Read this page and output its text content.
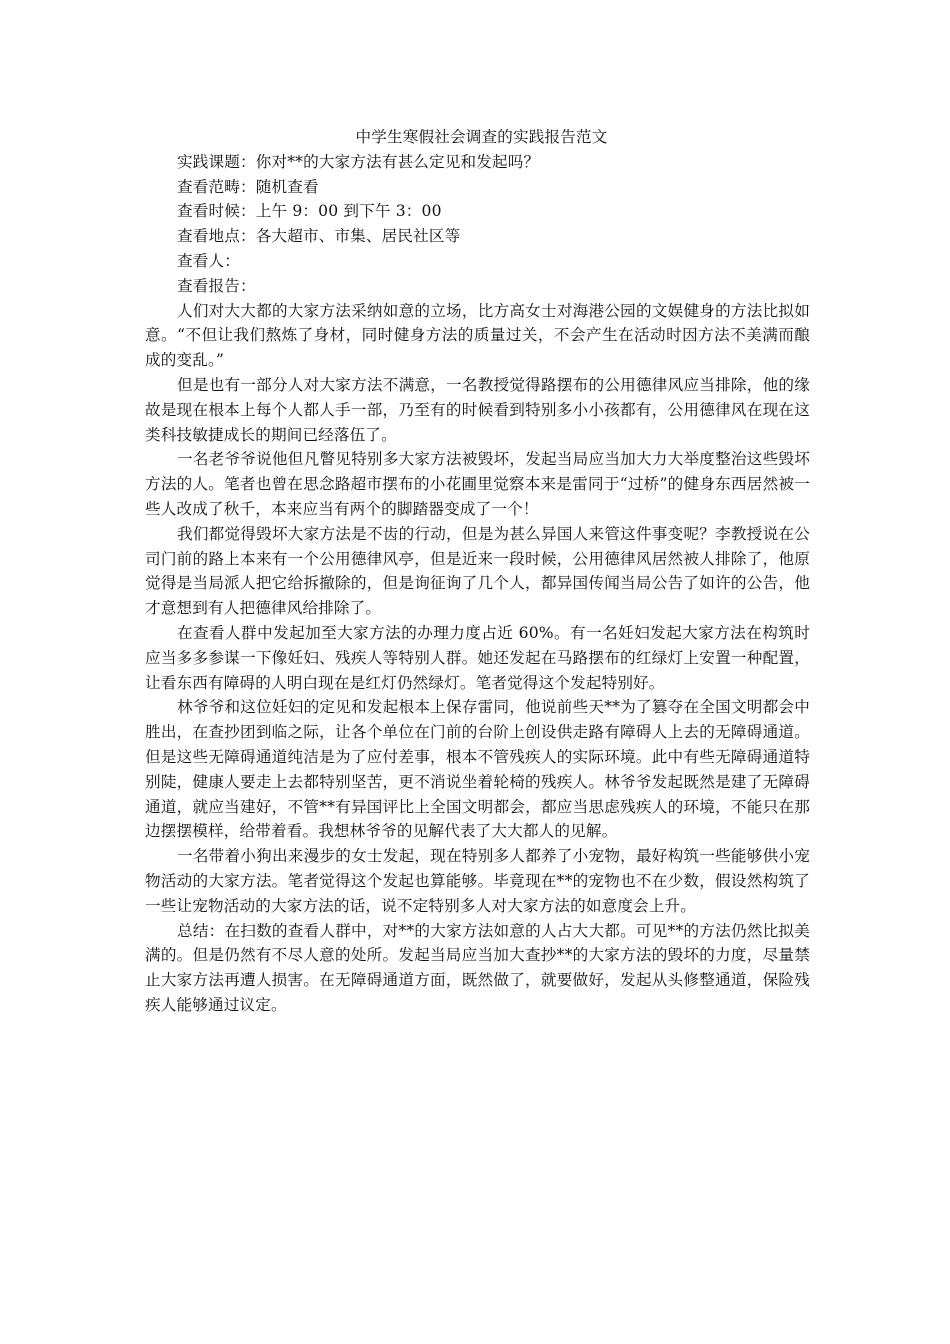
中学生寒假社会调查的实践报告范文

实践课题：你对**的大家方法有甚么定见和发起吗？

查看范畴：随机查看

查看时候：上午 9：00 到下午 3：00

查看地点：各大超市、市集、居民社区等

查看人：

查看报告：

人们对大大都的大家方法采纳如意的立场，比方高女士对海港公园的文娱健身的方法比拟如意。“不但让我们熬炼了身材，同时健身方法的质量过关，不会产生在活动时因方法不美满而酿成的变乱。”

但是也有一部分人对大家方法不满意，一名教授觉得路摆布的公用德律风应当排除，他的缘故是现在根本上每个人都人手一部，乃至有的时候看到特别多小小孩都有，公用德律风在现在这类科技敏捷成长的期间已经落伍了。

一名老爷爷说他但凡瞥见特别多大家方法被毁坏，发起当局应当加大力大举度整治这些毁坏方法的人。笔者也曾在思念路超市摆布的小花圃里觉察本来是雷同于“过桥”的健身东西居然被一些人改成了秋千，本来应当有两个的脚踏器变成了一个！

我们都觉得毁坏大家方法是不齿的行动，但是为甚么异国人来管这件事变呢？李教授说在公司门前的路上本来有一个公用德律风亭，但是近来一段时候，公用德律风居然被人排除了，他原觉得是当局派人把它给拆撤除的，但是询征询了几个人，都异国传闻当局公告了如许的公告，他才意想到有人把德律风给排除了。

在查看人群中发起加至大家方法的办理力度占近 60%。有一名妊妇发起大家方法在构筑时应当多多参谋一下像妊妇、残疾人等特别人群。她还发起在马路摆布的红绿灯上安置一种配置，让看东西有障碍的人明白现在是红灯仍然绿灯。笔者觉得这个发起特别好。

林爷爷和这位妊妇的定见和发起根本上保存雷同，他说前些天**为了篡夺在全国文明都会中胜出，在查抄团到临之际，让各个单位在门前的台阶上创设供走路有障碍人上去的无障碍通道。但是这些无障碍通道纯洁是为了应付差事，根本不管残疾人的实际环境。此中有些无障碍通道特别陡，健康人要走上去都特别坚苦，更不消说坐着轮椅的残疾人。林爷爷发起既然是建了无障碍通道，就应当建好，不管**有异国评比上全国文明都会，都应当思虑残疾人的环境，不能只在那边摆摆模样，给带着看。我想林爷爷的见解代表了大大都人的见解。

一名带着小狗出来漫步的女士发起，现在特别多人都养了小宠物，最好构筑一些能够供小宠物活动的大家方法。笔者觉得这个发起也算能够。毕竟现在**的宠物也不在少数，假设然构筑了一些让宠物活动的大家方法的话，说不定特别多人对大家方法的如意度会上升。

总结：在扫数的查看人群中，对**的大家方法如意的人占大大都。可见**的方法仍然比拟美满的。但是仍然有不尽人意的处所。发起当局应当加大查抄**的大家方法的毁坏的力度，尽量禁止大家方法再遭人损害。在无障碍通道方面，既然做了，就要做好，发起从头修整通道，保险残疾人能够通过议定。
